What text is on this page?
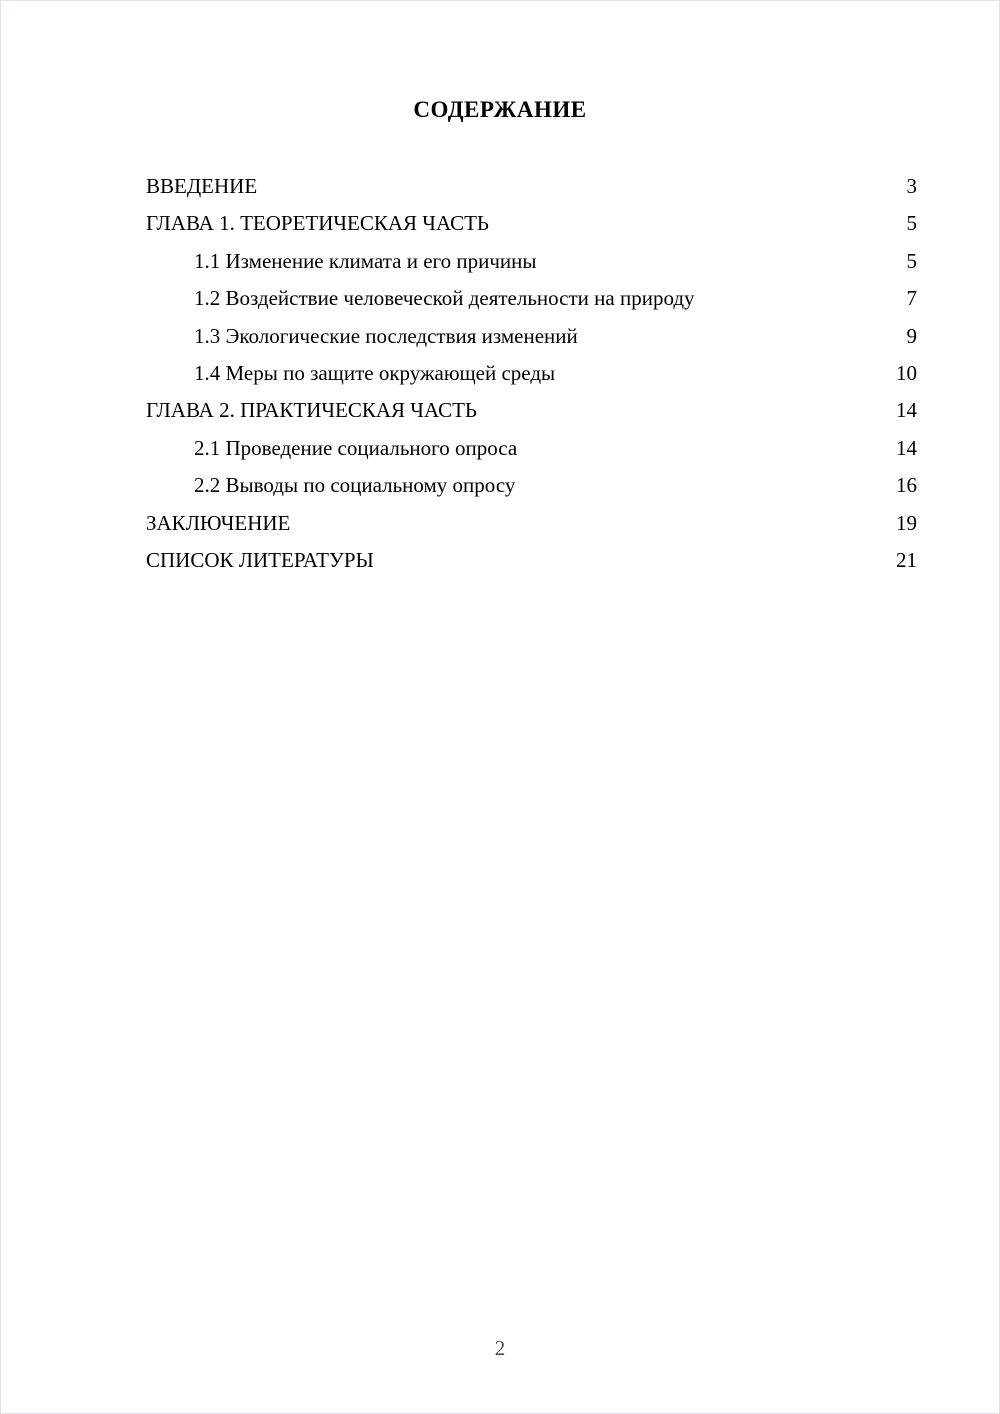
СОДЕРЖАНИЕ
ВВЕДЕНИЕ	3
ГЛАВА 1. ТЕОРЕТИЧЕСКАЯ ЧАСТЬ	5
1.1 Изменение климата и его причины	5
1.2 Воздействие человеческой деятельности на природу	7
1.3 Экологические последствия изменений	9
1.4 Меры по защите окружающей среды	10
ГЛАВА 2. ПРАКТИЧЕСКАЯ ЧАСТЬ	14
2.1 Проведение социального опроса	14
2.2 Выводы по социальному опросу	16
ЗАКЛЮЧЕНИЕ	19
СПИСОК ЛИТЕРАТУРЫ	21
2
